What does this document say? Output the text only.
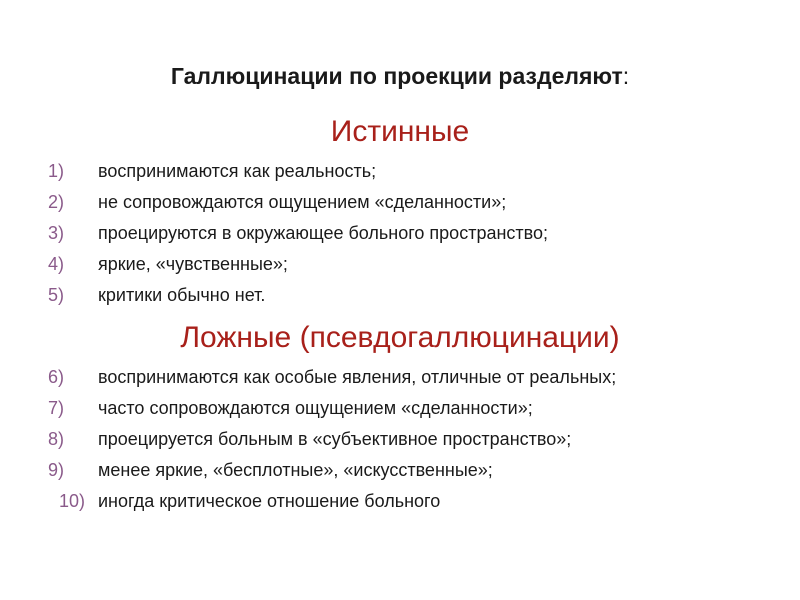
Галлюцинации по проекции разделяют:
Истинные
1)	воспринимаются как реальность;
2)	не сопровождаются ощущением «сделанности»;
3)	проецируются в окружающее больного пространство;
4)	яркие, «чувственные»;
5)	критики обычно нет.
Ложные (псевдогаллюцинации)
6)	воспринимаются как особые явления, отличные от реальных;
7)	часто сопровождаются ощущением «сделанности»;
8)	проецируется больным в «субъективное пространство»;
9)	менее яркие, «бесплотные», «искусственные»;
10) иногда критическое отношение больного
